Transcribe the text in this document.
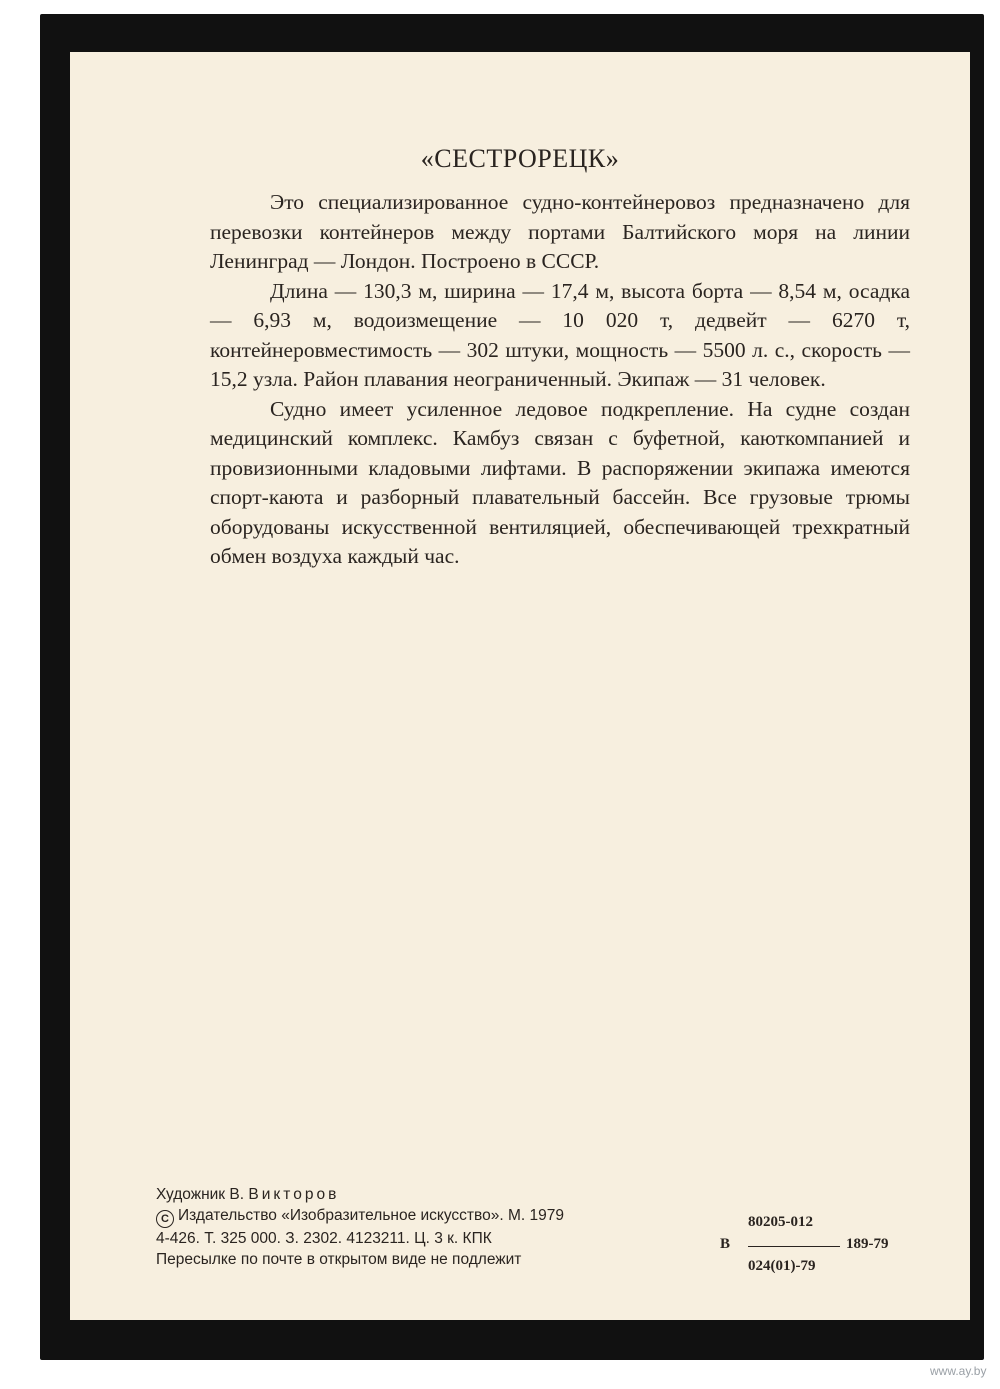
«СЕСТРОРЕЦК»

Это специализированное судно-контейнеровоз предназначено для перевозки контейнеров между портами Балтийского моря на линии Ленинград — Лондон. Построено в СССР.

Длина — 130,3 м, ширина — 17,4 м, высота борта — 8,54 м, осадка — 6,93 м, водоизмещение — 10 020 т, дедвейт — 6270 т, контейнеровместимость — 302 штуки, мощность — 5500 л. с., скорость — 15,2 узла. Район плавания неограниченный. Экипаж — 31 человек.

Судно имеет усиленное ледовое подкрепление. На судне создан медицинский комплекс. Камбуз связан с буфетной, каюткомпанией и провизионными кладовыми лифтами. В распоряжении экипажа имеются спорт-каюта и разборный плавательный бассейн. Все грузовые трюмы оборудованы искусственной вентиляцией, обеспечивающей трехкратный обмен воздуха каждый час.

Художник В. Викторов
C Издательство «Изобразительное искусство». М. 1979
4-426. Т. 325 000. З. 2302. 4123211. Ц. 3 к. КПК
Пересылке по почте в открытом виде не подлежит
В
80205-012
189-79
024(01)-79
www.ay.by
